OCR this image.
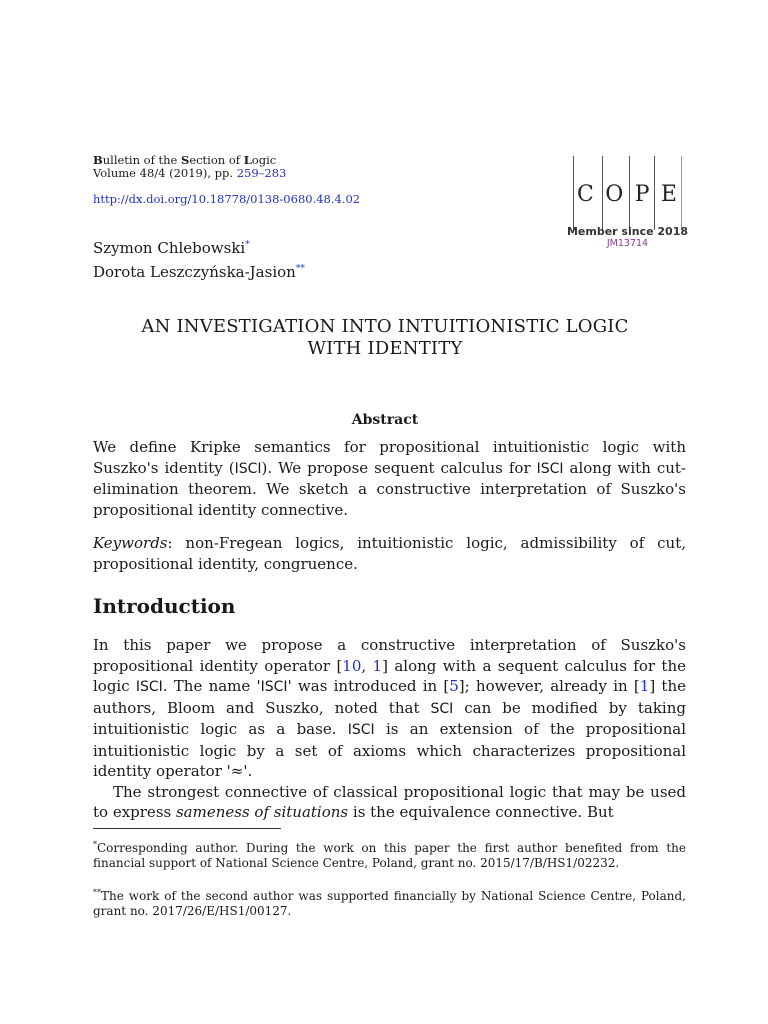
Bulletin of the Section of Logic
Volume 48/4 (2019), pp. 259–283
http://dx.doi.org/10.18778/0138-0680.48.4.02	C O P E
Member since 2018
JM13714
Szymon Chlebowski*
Dorota Leszczyńska-Jasion**
AN INVESTIGATION INTO INTUITIONISTIC LOGIC
WITH IDENTITY
Abstract
We define Kripke semantics for propositional intuitionistic logic with Suszko's identity (ISCI). We propose sequent calculus for ISCI along with cut-elimination theorem. We sketch a constructive interpretation of Suszko's propositional identity connective.
Keywords: non-Fregean logics, intuitionistic logic, admissibility of cut, propositional identity, congruence.
Introduction

In this paper we propose a constructive interpretation of Suszko's propositional identity operator [10, 1] along with a sequent calculus for the logic ISCI. The name 'ISCI' was introduced in [5]; however, already in [1] the authors, Bloom and Suszko, noted that SCI can be modified by taking intuitionistic logic as a base. ISCI is an extension of the propositional intuitionistic logic by a set of axioms which characterizes propositional identity operator '≈'.

The strongest connective of classical propositional logic that may be used to express sameness of situations is the equivalence connective. But

*Corresponding author. During the work on this paper the first author benefited from the financial support of National Science Centre, Poland, grant no. 2015/17/B/HS1/02232.
**The work of the second author was supported financially by National Science Centre, Poland, grant no. 2017/26/E/HS1/00127.
